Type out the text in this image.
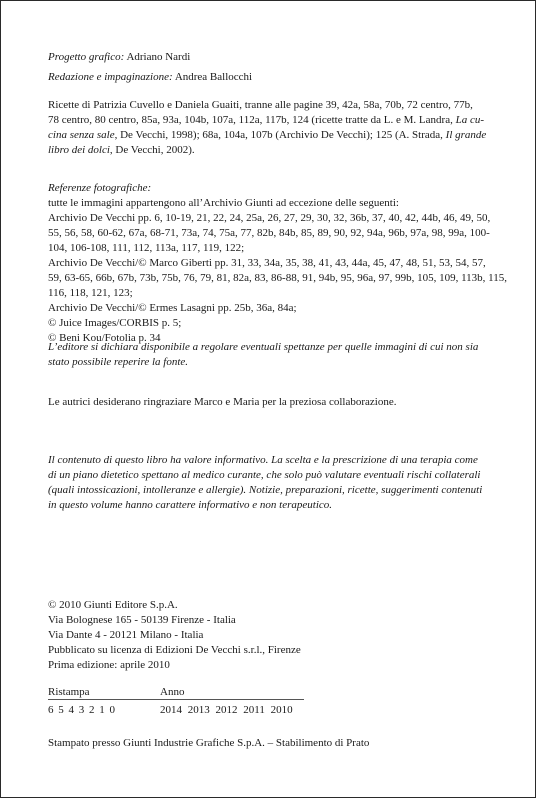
Progetto grafico: Adriano Nardi

Redazione e impaginazione: Andrea Ballocchi

Ricette di Patrizia Cuvello e Daniela Guaiti, tranne alle pagine 39, 42a, 58a, 70b, 72 centro, 77b,

78 centro, 80 centro, 85a, 93a, 104b, 107a, 112a, 117b, 124 (ricette tratte da L. e M. Landra, La cu-

cina senza sale, De Vecchi, 1998); 68a, 104a, 107b (Archivio De Vecchi); 125 (A. Strada, Il grande

libro dei dolci, De Vecchi, 2002).

Referenze fotografiche:

tutte le immagini appartengono all’Archivio Giunti ad eccezione delle seguenti:

Archivio De Vecchi pp. 6, 10-19, 21, 22, 24, 25a, 26, 27, 29, 30, 32, 36b, 37, 40, 42, 44b, 46, 49, 50,

55, 56, 58, 60-62, 67a, 68-71, 73a, 74, 75a, 77, 82b, 84b, 85, 89, 90, 92, 94a, 96b, 97a, 98, 99a, 100-

104, 106-108, 111, 112, 113a, 117, 119, 122;

Archivio De Vecchi/© Marco Giberti pp. 31, 33, 34a, 35, 38, 41, 43, 44a, 45, 47, 48, 51, 53, 54, 57,

59, 63-65, 66b, 67b, 73b, 75b, 76, 79, 81, 82a, 83, 86-88, 91, 94b, 95, 96a, 97, 99b, 105, 109, 113b, 115,

116, 118, 121, 123;

Archivio De Vecchi/© Ermes Lasagni pp. 25b, 36a, 84a;

© Juice Images/CORBIS p. 5;

© Beni Kou/Fotolia p. 34

L’editore si dichiara disponibile a regolare eventuali spettanze per quelle immagini di cui non sia

stato possibile reperire la fonte.

Le autrici desiderano ringraziare Marco e Maria per la preziosa collaborazione.

Il contenuto di questo libro ha valore informativo. La scelta e la prescrizione di una terapia come

di un piano dietetico spettano al medico curante, che solo può valutare eventuali rischi collaterali

(quali intossicazioni, intolleranze e allergie). Notizie, preparazioni, ricette, suggerimenti contenuti

in questo volume hanno carattere informativo e non terapeutico.

© 2010 Giunti Editore S.p.A.

Via Bolognese 165 - 50139 Firenze - Italia

Via Dante 4 - 20121 Milano - Italia

Pubblicato su licenza di Edizioni De Vecchi s.r.l., Firenze

Prima edizione: aprile 2010

Ristampa	Anno
6 5 4 3 2 1 0	2014 2013 2012 2011 2010

Stampato presso Giunti Industrie Grafiche S.p.A. – Stabilimento di Prato
